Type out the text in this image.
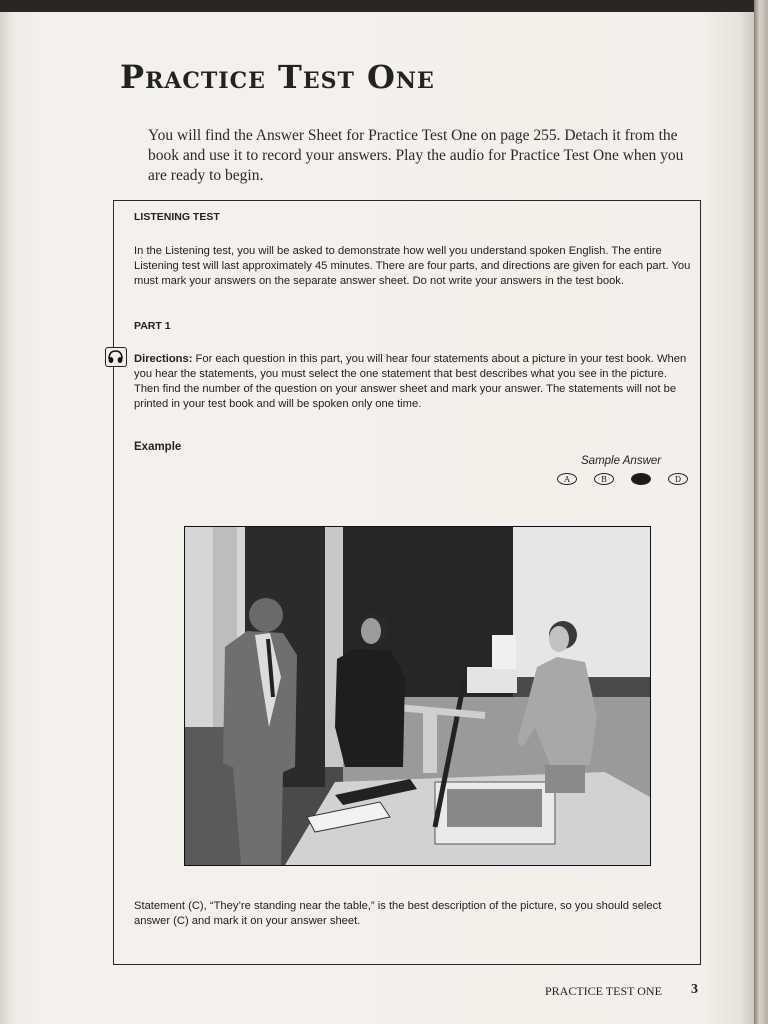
Practice Test One

You will find the Answer Sheet for Practice Test One on page 255. Detach it from the book and use it to record your answers. Play the audio for Practice Test One when you are ready to begin.

LISTENING TEST

In the Listening test, you will be asked to demonstrate how well you understand spoken English. The entire Listening test will last approximately 45 minutes. There are four parts, and directions are given for each part. You must mark your answers on the separate answer sheet. Do not write your answers in the test book.

PART 1

Directions: For each question in this part, you will hear four statements about a picture in your test book. When you hear the statements, you must select the one statement that best describes what you see in the picture. Then find the number of the question on your answer sheet and mark your answer. The statements will not be printed in your test book and will be spoken only one time.

Example
Sample Answer
A	B	D

Statement (C), “They’re standing near the table,” is the best description of the picture, so you should select answer (C) and mark it on your answer sheet.

PRACTICE TEST ONE 3
